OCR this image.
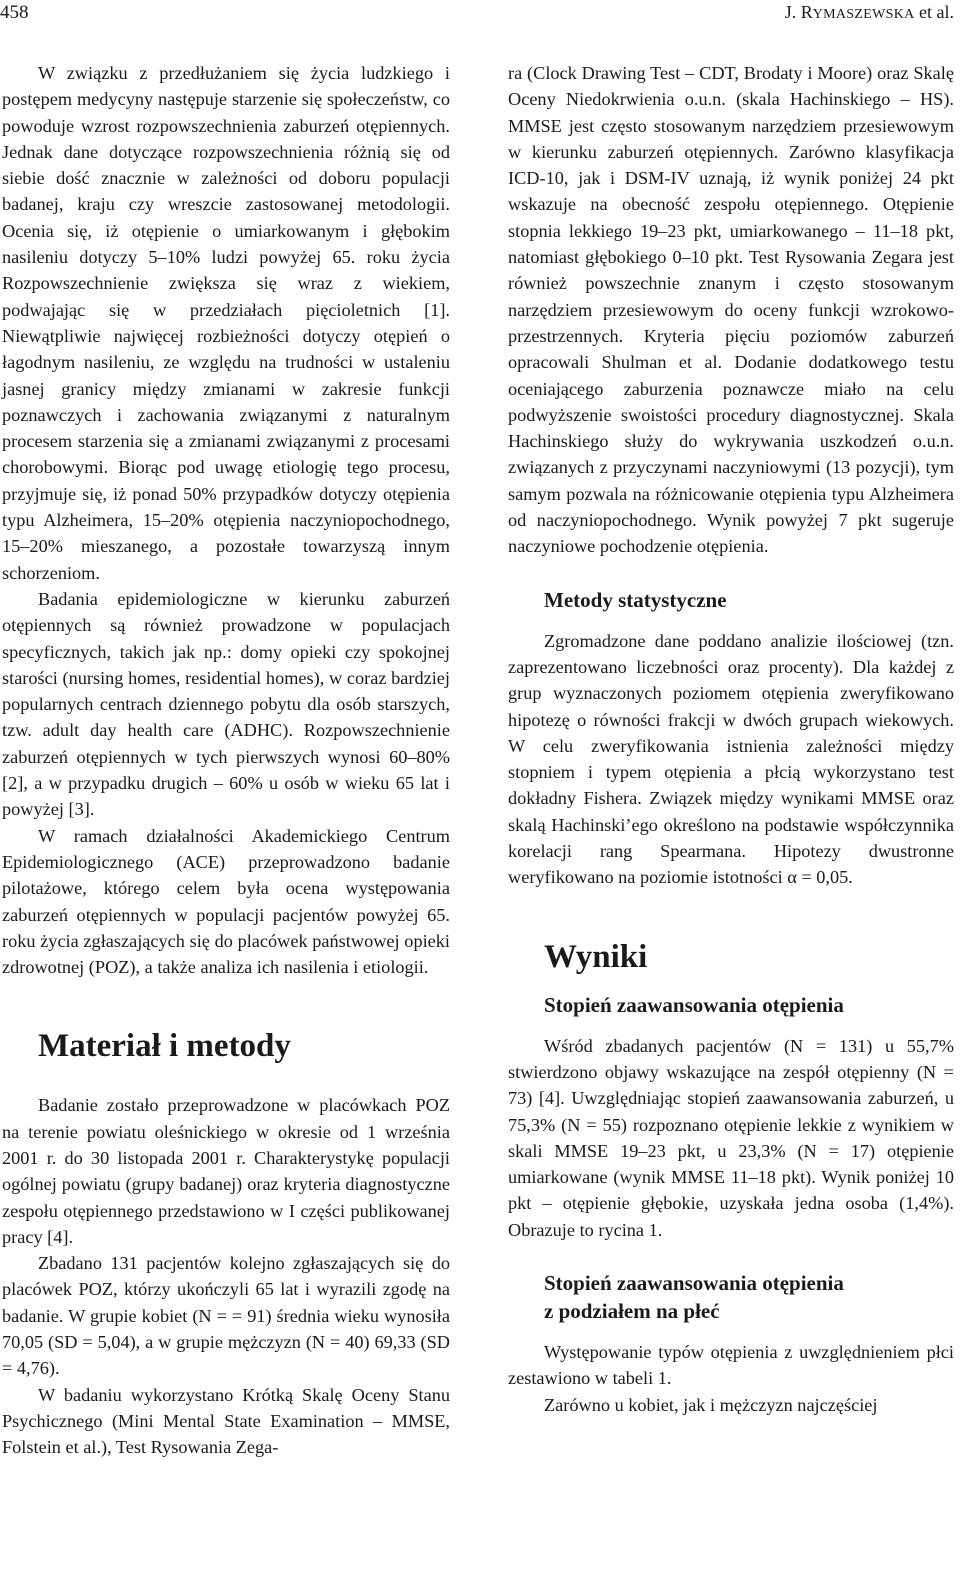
458	J. RYMASZEWSKA et al.

W związku z przedłużaniem się życia ludzkiego i postępem medycyny następuje starzenie się społeczeństw, co powoduje wzrost rozpowszechnienia zaburzeń otępiennych. Jednak dane dotyczące rozpowszechnienia różnią się od siebie dość znacznie w zależności od doboru populacji badanej, kraju czy wreszcie zastosowanej metodologii. Ocenia się, iż otępienie o umiarkowanym i głębokim nasileniu dotyczy 5–10% ludzi powyżej 65. roku życia Rozpowszechnienie zwiększa się wraz z wiekiem, podwajając się w przedziałach pięcioletnich [1]. Niewątpliwie najwięcej rozbieżności dotyczy otępień o łagodnym nasileniu, ze względu na trudności w ustaleniu jasnej granicy między zmianami w zakresie funkcji poznawczych i zachowania związanymi z naturalnym procesem starzenia się a zmianami związanymi z procesami chorobowymi. Biorąc pod uwagę etiologię tego procesu, przyjmuje się, iż ponad 50% przypadków dotyczy otępienia typu Alzheimera, 15–20% otępienia naczyniopochodnego, 15–20% mieszanego, a pozostałe towarzyszą innym schorzeniom.

Badania epidemiologiczne w kierunku zaburzeń otępiennych są również prowadzone w populacjach specyficznych, takich jak np.: domy opieki czy spokojnej starości (nursing homes, residential homes), w coraz bardziej popularnych centrach dziennego pobytu dla osób starszych, tzw. adult day health care (ADHC). Rozpowszechnienie zaburzeń otępiennych w tych pierwszych wynosi 60–80% [2], a w przypadku drugich – 60% u osób w wieku 65 lat i powyżej [3].

W ramach działalności Akademickiego Centrum Epidemiologicznego (ACE) przeprowadzono badanie pilotażowe, którego celem była ocena występowania zaburzeń otępiennych w populacji pacjentów powyżej 65. roku życia zgłaszających się do placówek państwowej opieki zdrowotnej (POZ), a także analiza ich nasilenia i etiologii.

Materiał i metody

Badanie zostało przeprowadzone w placówkach POZ na terenie powiatu oleśnickiego w okresie od 1 września 2001 r. do 30 listopada 2001 r. Charakterystykę populacji ogólnej powiatu (grupy badanej) oraz kryteria diagnostyczne zespołu otępiennego przedstawiono w I części publikowanej pracy [4].

Zbadano 131 pacjentów kolejno zgłaszających się do placówek POZ, którzy ukończyli 65 lat i wyrazili zgodę na badanie. W grupie kobiet (N = = 91) średnia wieku wynosiła 70,05 (SD = 5,04), a w grupie mężczyzn (N = 40) 69,33 (SD = 4,76).

W badaniu wykorzystano Krótką Skalę Oceny Stanu Psychicznego (Mini Mental State Examination – MMSE, Folstein et al.), Test Rysowania Zega-

ra (Clock Drawing Test – CDT, Brodaty i Moore) oraz Skalę Oceny Niedokrwienia o.u.n. (skala Hachinskiego – HS). MMSE jest często stosowanym narzędziem przesiewowym w kierunku zaburzeń otępiennych. Zarówno klasyfikacja ICD-10, jak i DSM-IV uznają, iż wynik poniżej 24 pkt wskazuje na obecność zespołu otępiennego. Otępienie stopnia lekkiego 19–23 pkt, umiarkowanego – 11–18 pkt, natomiast głębokiego 0–10 pkt. Test Rysowania Zegara jest również powszechnie znanym i często stosowanym narzędziem przesiewowym do oceny funkcji wzrokowo-przestrzennych. Kryteria pięciu poziomów zaburzeń opracowali Shulman et al. Dodanie dodatkowego testu oceniającego zaburzenia poznawcze miało na celu podwyższenie swoistości procedury diagnostycznej. Skala Hachinskiego służy do wykrywania uszkodzeń o.u.n. związanych z przyczynami naczyniowymi (13 pozycji), tym samym pozwala na różnicowanie otępienia typu Alzheimera od naczyniopochodnego. Wynik powyżej 7 pkt sugeruje naczyniowe pochodzenie otępienia.

Metody statystyczne

Zgromadzone dane poddano analizie ilościowej (tzn. zaprezentowano liczebności oraz procenty). Dla każdej z grup wyznaczonych poziomem otępienia zweryfikowano hipotezę o równości frakcji w dwóch grupach wiekowych. W celu zweryfikowania istnienia zależności między stopniem i typem otępienia a płcią wykorzystano test dokładny Fishera. Związek między wynikami MMSE oraz skalą Hachinski’ego określono na podstawie współczynnika korelacji rang Spearmana. Hipotezy dwustronne weryfikowano na poziomie istotności α = 0,05.

Wyniki
Stopień zaawansowania otępienia

Wśród zbadanych pacjentów (N = 131) u 55,7% stwierdzono objawy wskazujące na zespół otępienny (N = 73) [4]. Uwzględniając stopień zaawansowania zaburzeń, u 75,3% (N = 55) rozpoznano otępienie lekkie z wynikiem w skali MMSE 19–23 pkt, u 23,3% (N = 17) otępienie umiarkowane (wynik MMSE 11–18 pkt). Wynik poniżej 10 pkt – otępienie głębokie, uzyskała jedna osoba (1,4%). Obrazuje to rycina 1.

Stopień zaawansowania otępienia
z podziałem na płeć

Występowanie typów otępienia z uwzględnieniem płci zestawiono w tabeli 1.

Zarówno u kobiet, jak i mężczyzn najczęściej
